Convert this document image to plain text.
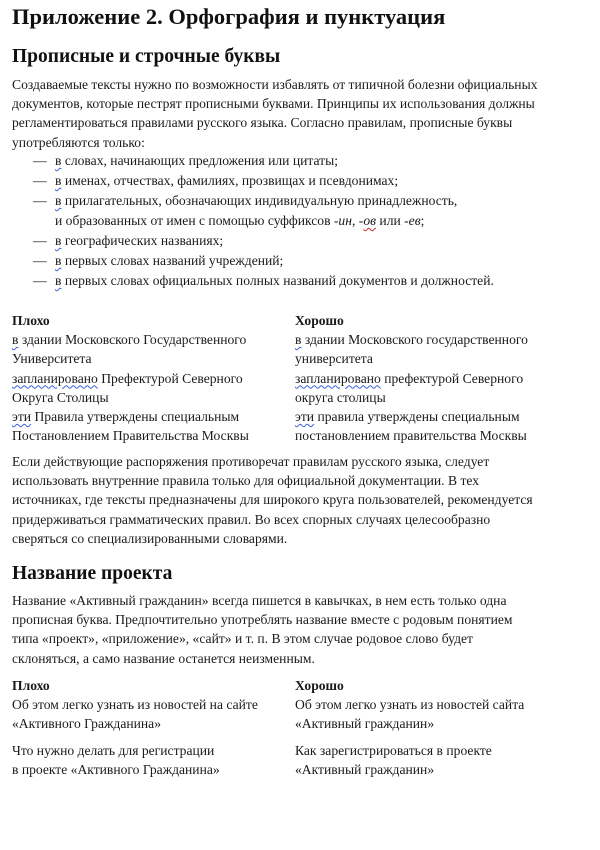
Приложение 2. Орфография и пунктуация
Прописные и строчные буквы

Создаваемые тексты нужно по возможности избавлять от типичной болезни официальных
документов, которые пестрят прописными буквами. Принципы их использования должны
регламентироваться правилами русского языка. Согласно правилам, прописные буквы
употребляются только:

— в словах, начинающих предложения или цитаты;
— в именах, отчествах, фамилиях, прозвищах и псевдонимах;
— в прилагательных, обозначающих индивидуальную принадлежность,
и образованных от имен с помощью суффиксов -ин, -ов или -ев;
— в географических названиях;
— в первых словах названий учреждений;
— в первых словах официальных полных названий документов и должностей.
Плохо
в здании Московского Государственного
Университета
запланировано Префектурой Северного
Округа Столицы
эти Правила утверждены специальным
Постановлением Правительства Москвы
Хорошо
в здании Московского государственного
университета
запланировано префектурой Северного
округа столицы
эти правила утверждены специальным
постановлением правительства Москвы

Если действующие распоряжения противоречат правилам русского языка, следует
использовать внутренние правила только для официальной документации. В тех
источниках, где тексты предназначены для широкого круга пользователей, рекомендуется
придерживаться грамматических правил. Во всех спорных случаях целесообразно
сверяться со специализированными словарями.

Название проекта

Название «Активный гражданин» всегда пишется в кавычках, в нем есть только одна
прописная буква. Предпочтительно употреблять название вместе с родовым понятием
типа «проект», «приложение», «сайт» и т. п. В этом случае родовое слово будет
склоняться, а само название останется неизменным.

Плохо
Об этом легко узнать из новостей на сайте
«Активного Гражданина»
Что нужно делать для регистрации
в проекте «Активного Гражданина»
Хорошо
Об этом легко узнать из новостей сайта
«Активный гражданин»
Как зарегистрироваться в проекте
«Активный гражданин»
